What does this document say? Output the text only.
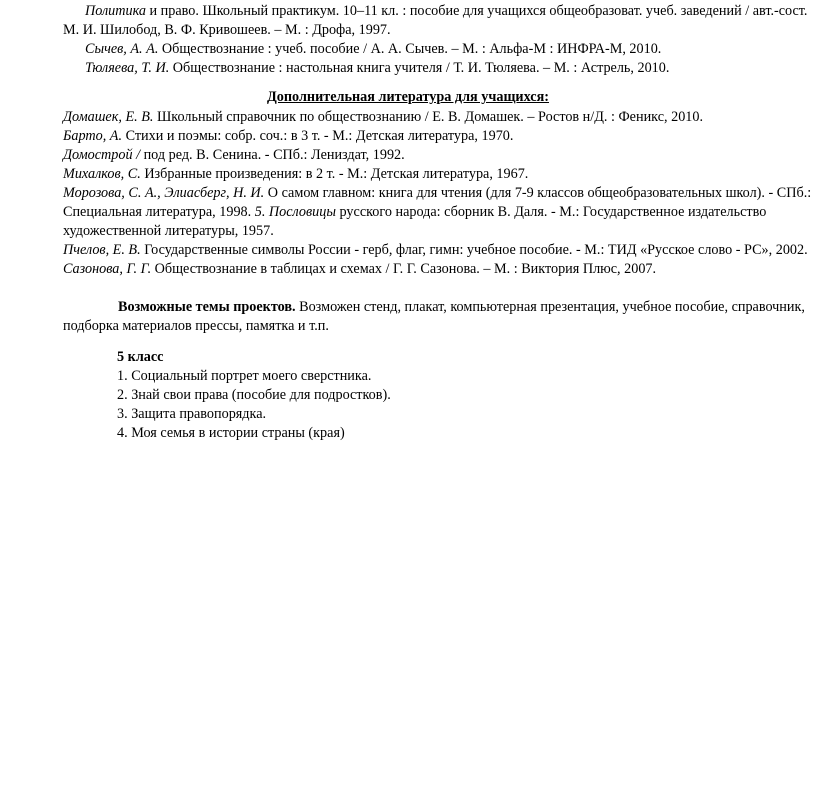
Политика и право. Школьный практикум. 10–11 кл. : пособие для учащихся общеобразоват. учеб. заведений / авт.-сост. М. И. Шилобод, В. Ф. Кривошеев. – М. : Дрофа, 1997.

Сычев, А. А. Обществознание : учеб. пособие / А. А. Сычев. – М. : Альфа-М : ИНФРА-М, 2010.

Тюляева, Т. И. Обществознание : настольная книга учителя / Т. И. Тюляева. – М. : Астрель, 2010.

Дополнительная литература для учащихся:

Домашек, Е. В. Школьный справочник по обществознанию / Е. В. Домашек. – Ростов н/Д. : Феникс, 2010.

Барто, А. Стихи и поэмы: собр. соч.: в 3 т. - М.: Детская литература, 1970.

Домострой / под ред. В. Сенина. - СПб.: Лениздат, 1992.

Михалков, С. Избранные произведения: в 2 т. - М.: Детская литература, 1967.

Морозова, С. А., Элиасберг, Н. И. О самом главном: книга для чтения (для 7-9 классов общеобразовательных школ). - СПб.: Специальная литература, 1998. 5. Пословицы русского народа: сборник В. Даля. - М.: Государственное издательство художественной литературы, 1957.

Пчелов, Е. В. Государственные символы России - герб, флаг, гимн: учебное пособие. - М.: ТИД «Русское слово - РС», 2002.

Сазонова, Г. Г. Обществознание в таблицах и схемах / Г. Г. Сазонова. – М. : Виктория Плюс, 2007.

Возможные темы проектов. Возможен стенд, плакат, компьютерная презентация, учебное пособие, справочник, подборка материалов прессы, памятка и т.п.

5 класс

1. Социальный портрет моего сверстника.

2. Знай свои права (пособие для подростков).

3. Защита правопорядка.

4. Моя семья в истории страны (края)
